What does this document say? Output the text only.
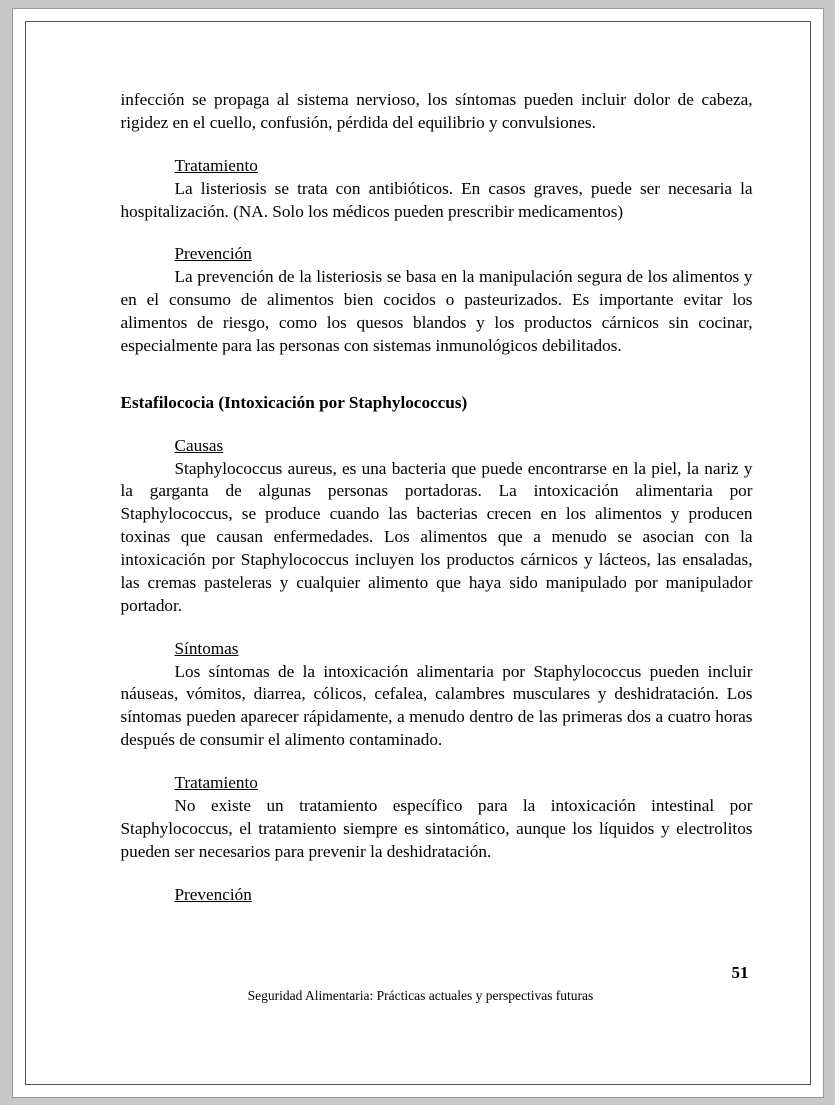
infección se propaga al sistema nervioso, los síntomas pueden incluir dolor de cabeza, rigidez en el cuello, confusión, pérdida del equilibrio y convulsiones.

Tratamiento

La listeriosis se trata con antibióticos. En casos graves, puede ser necesaria la hospitalización. (NA. Solo los médicos pueden prescribir medicamentos)

Prevención

La prevención de la listeriosis se basa en la manipulación segura de los alimentos y en el consumo de alimentos bien cocidos o pasteurizados. Es importante evitar los alimentos de riesgo, como los quesos blandos y los productos cárnicos sin cocinar, especialmente para las personas con sistemas inmunológicos debilitados.

Estafilococia (Intoxicación por Staphylococcus)

Causas

Staphylococcus aureus, es una bacteria que puede encontrarse en la piel, la nariz y la garganta de algunas personas portadoras. La intoxicación alimentaria por Staphylococcus, se produce cuando las bacterias crecen en los alimentos y producen toxinas que causan enfermedades. Los alimentos que a menudo se asocian con la intoxicación por Staphylococcus incluyen los productos cárnicos y lácteos, las ensaladas, las cremas pasteleras y cualquier alimento que haya sido manipulado por manipulador portador.

Síntomas

Los síntomas de la intoxicación alimentaria por Staphylococcus pueden incluir náuseas, vómitos, diarrea, cólicos, cefalea, calambres musculares y deshidratación. Los síntomas pueden aparecer rápidamente, a menudo dentro de las primeras dos a cuatro horas después de consumir el alimento contaminado.

Tratamiento

No existe un tratamiento específico para la intoxicación intestinal por Staphylococcus, el tratamiento siempre es sintomático, aunque los líquidos y electrolitos pueden ser necesarios para prevenir la deshidratación.

Prevención

51

Seguridad Alimentaria: Prácticas actuales y perspectivas futuras
